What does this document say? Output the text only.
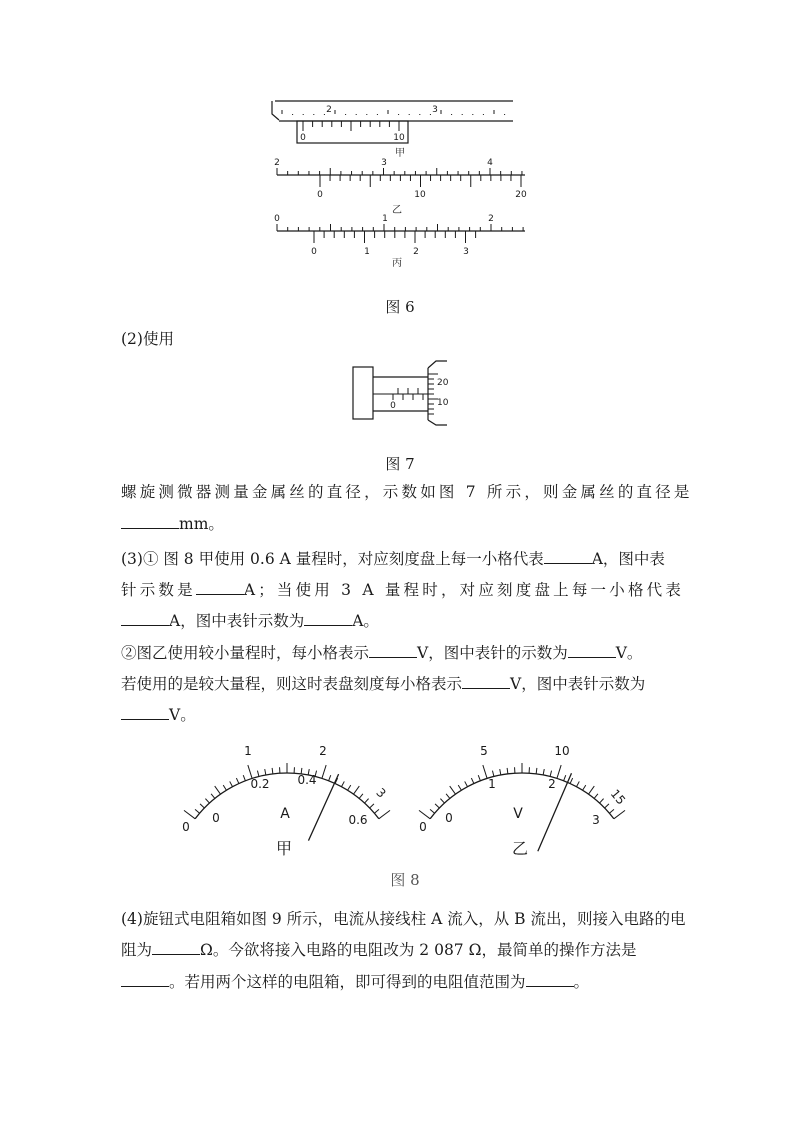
2	3
0	10
甲
2	3	4
0	10	20
乙
0	1	2
0	1	2	3
丙
图 6
(2)使用
20
10
0
图 7
螺旋测微器测量金属丝的直径，示数如图 7 所示，则金属丝的直径是
mm。
(3)① 图 8 甲使用 0.6 A 量程时，对应刻度盘上每一小格代表	A，图中表
针示数是	A；当使用 3 A 量程时，对应刻度盘上每一小格代表
A，图中表针示数为	A。
②图乙使用较小量程时，每小格表示	V，图中表针的示数为	V。
若使用的是较大量程，则这时表盘刻度每小格表示	V，图中表针示数为
V。
0
1	2
3
0
0.2 0.4
0.6
A
甲
0
5	10
15
0
1	2
3
V
乙
图 8
(4)旋钮式电阻箱如图 9 所示，电流从接线柱 A 流入，从 B 流出，则接入电路的电
阻为	Ω。今欲将接入电路的电阻改为 2 087 Ω，最简单的操作方法是
。若用两个这样的电阻箱，即可得到的电阻值范围为	。
